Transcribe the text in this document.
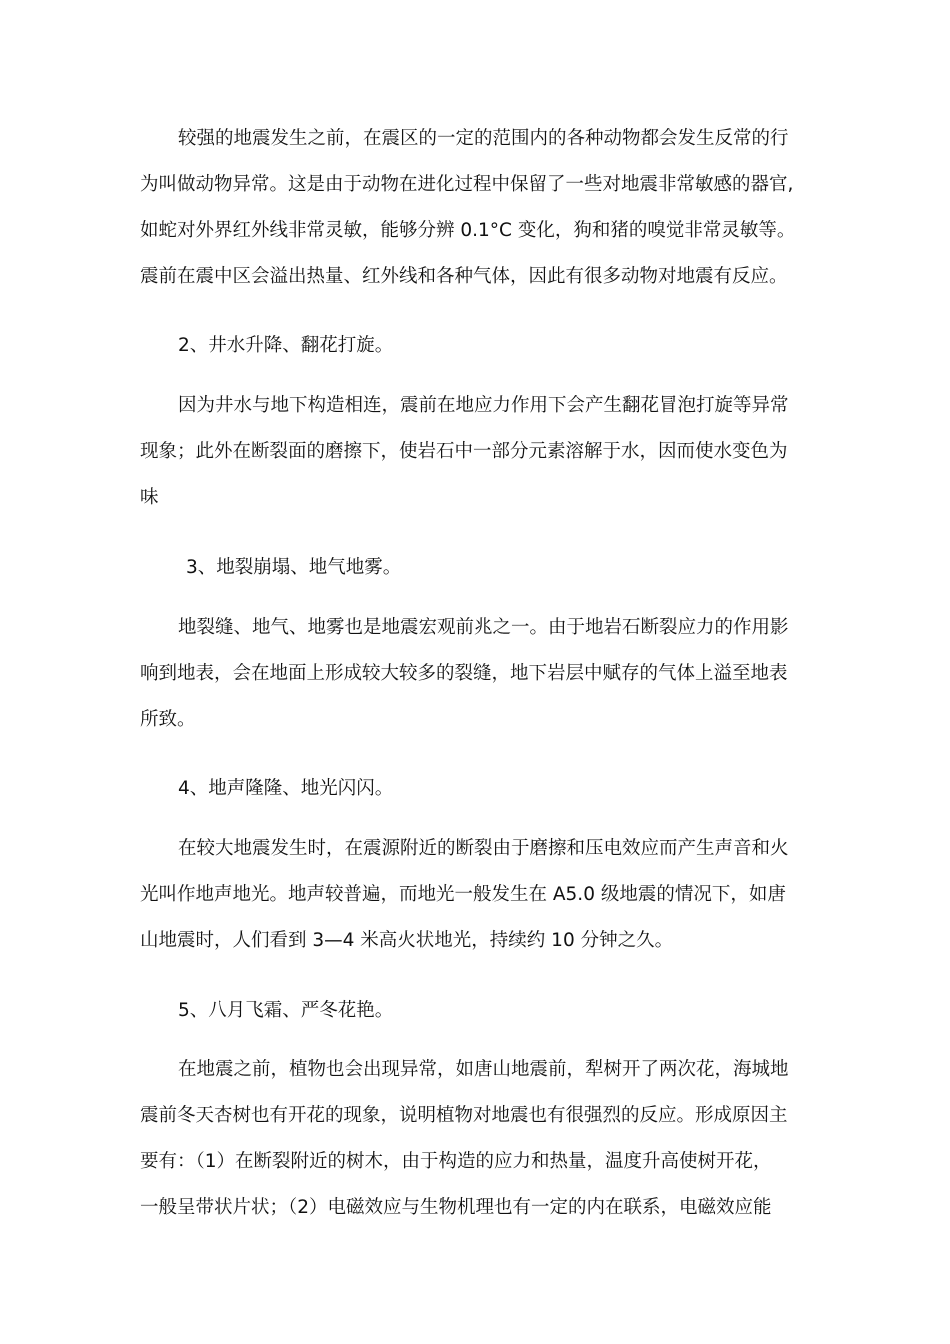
较强的地震发生之前，在震区的一定的范围内的各种动物都会发生反常的行
为叫做动物异常。这是由于动物在进化过程中保留了一些对地震非常敏感的器官,
如蛇对外界红外线非常灵敏，能够分辨 0.1°C 变化，狗和猪的嗅觉非常灵敏等。
震前在震中区会溢出热量、红外线和各种气体，因此有很多动物对地震有反应。
2、井水升降、翻花打旋。
因为井水与地下构造相连，震前在地应力作用下会产生翻花冒泡打旋等异常
现象；此外在断裂面的磨擦下，使岩石中一部分元素溶解于水，因而使水变色为
味
3、地裂崩塌、地气地雾。
地裂缝、地气、地雾也是地震宏观前兆之一。由于地岩石断裂应力的作用影
响到地表，会在地面上形成较大较多的裂缝，地下岩层中赋存的气体上溢至地表
所致。
4、地声隆隆、地光闪闪。
在较大地震发生时，在震源附近的断裂由于磨擦和压电效应而产生声音和火
光叫作地声地光。地声较普遍，而地光一般发生在 A5.0 级地震的情况下，如唐
山地震时，人们看到 3—4 米高火状地光，持续约 10 分钟之久。
5、八月飞霜、严冬花艳。
在地震之前，植物也会出现异常，如唐山地震前，犁树开了两次花，海城地
震前冬天杏树也有开花的现象，说明植物对地震也有很强烈的反应。形成原因主
要有：（1）在断裂附近的树木，由于构造的应力和热量，温度升高使树开花，
一般呈带状片状；（2）电磁效应与生物机理也有一定的内在联系，电磁效应能
